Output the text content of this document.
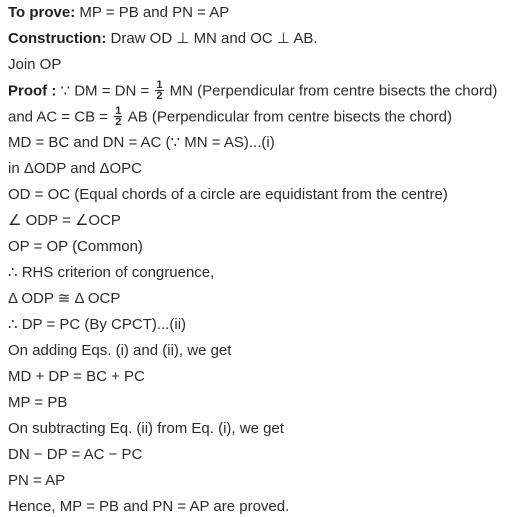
To prove: MP = PB and PN = AP
Construction: Draw OD ⊥ MN and OC ⊥ AB.
Join OP
Proof : ∵ DM = DN = $\frac{1}{2}$ MN (Perpendicular from centre bisects the chord)
and AC = CB = $\frac{1}{2}$ AB (Perpendicular from centre bisects the chord)
MD = BC and DN = AC (∵ MN = AS)...(i)
in ΔODP and ΔOPC
OD = OC (Equal chords of a circle are equidistant from the centre)
∠ ODP = ∠OCP
OP = OP (Common)
∴ RHS criterion of congruence,
Δ ODP ≅ Δ OCP
∴ DP = PC (By CPCT)...(ii)
On adding Eqs. (i) and (ii), we get
MD + DP = BC + PC
MP = PB
On subtracting Eq. (ii) from Eq. (i), we get
DN − DP = AC − PC
PN = AP
Hence, MP = PB and PN = AP are proved.
